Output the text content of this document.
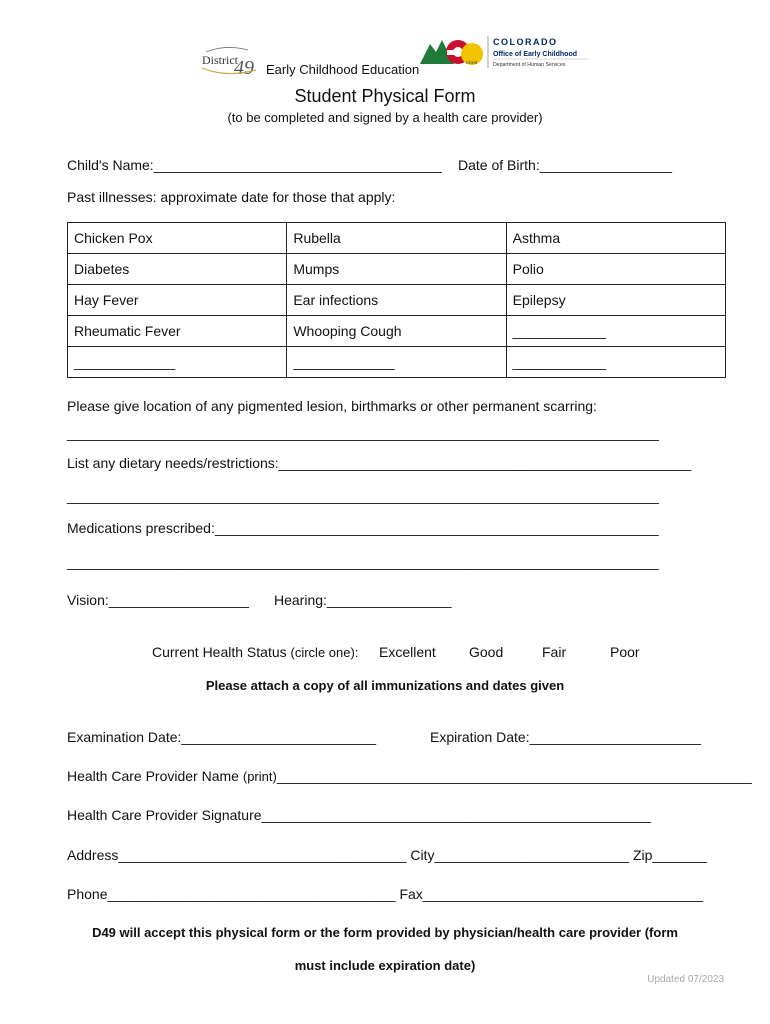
District
49 Early Childhood Education	CDHS
COLORADO
Office of Early Childhood
Department of Human Services
Student Physical Form
(to be completed and signed by a health care provider)
Child's Name:_____________________________________ Date of Birth:_________________
Past illnesses: approximate date for those that apply:
Chicken Pox	Rubella	Asthma
Diabetes	Mumps	Polio
Hay Fever	Ear infections	Epilepsy
Rheumatic Fever	Whooping Cough	____________
_____________	_____________	____________
Please give location of any pigmented lesion, birthmarks or other permanent scarring:
____________________________________________________________________________
List any dietary needs/restrictions:_____________________________________________________
____________________________________________________________________________
Medications prescribed:_________________________________________________________
____________________________________________________________________________
Vision:__________________ Hearing:________________
Current Health Status (circle one): Excellent Good	Fair	Poor
Please attach a copy of all immunizations and dates given
Examination Date:_________________________	Expiration Date:______________________
Health Care Provider Name (print)_____________________________________________________________
Health Care Provider Signature__________________________________________________
Address_____________________________________ City_________________________ Zip_______
Phone_____________________________________ Fax____________________________________
D49 will accept this physical form or the form provided by physician/health care provider (form
must include expiration date)
Updated 07/2023
